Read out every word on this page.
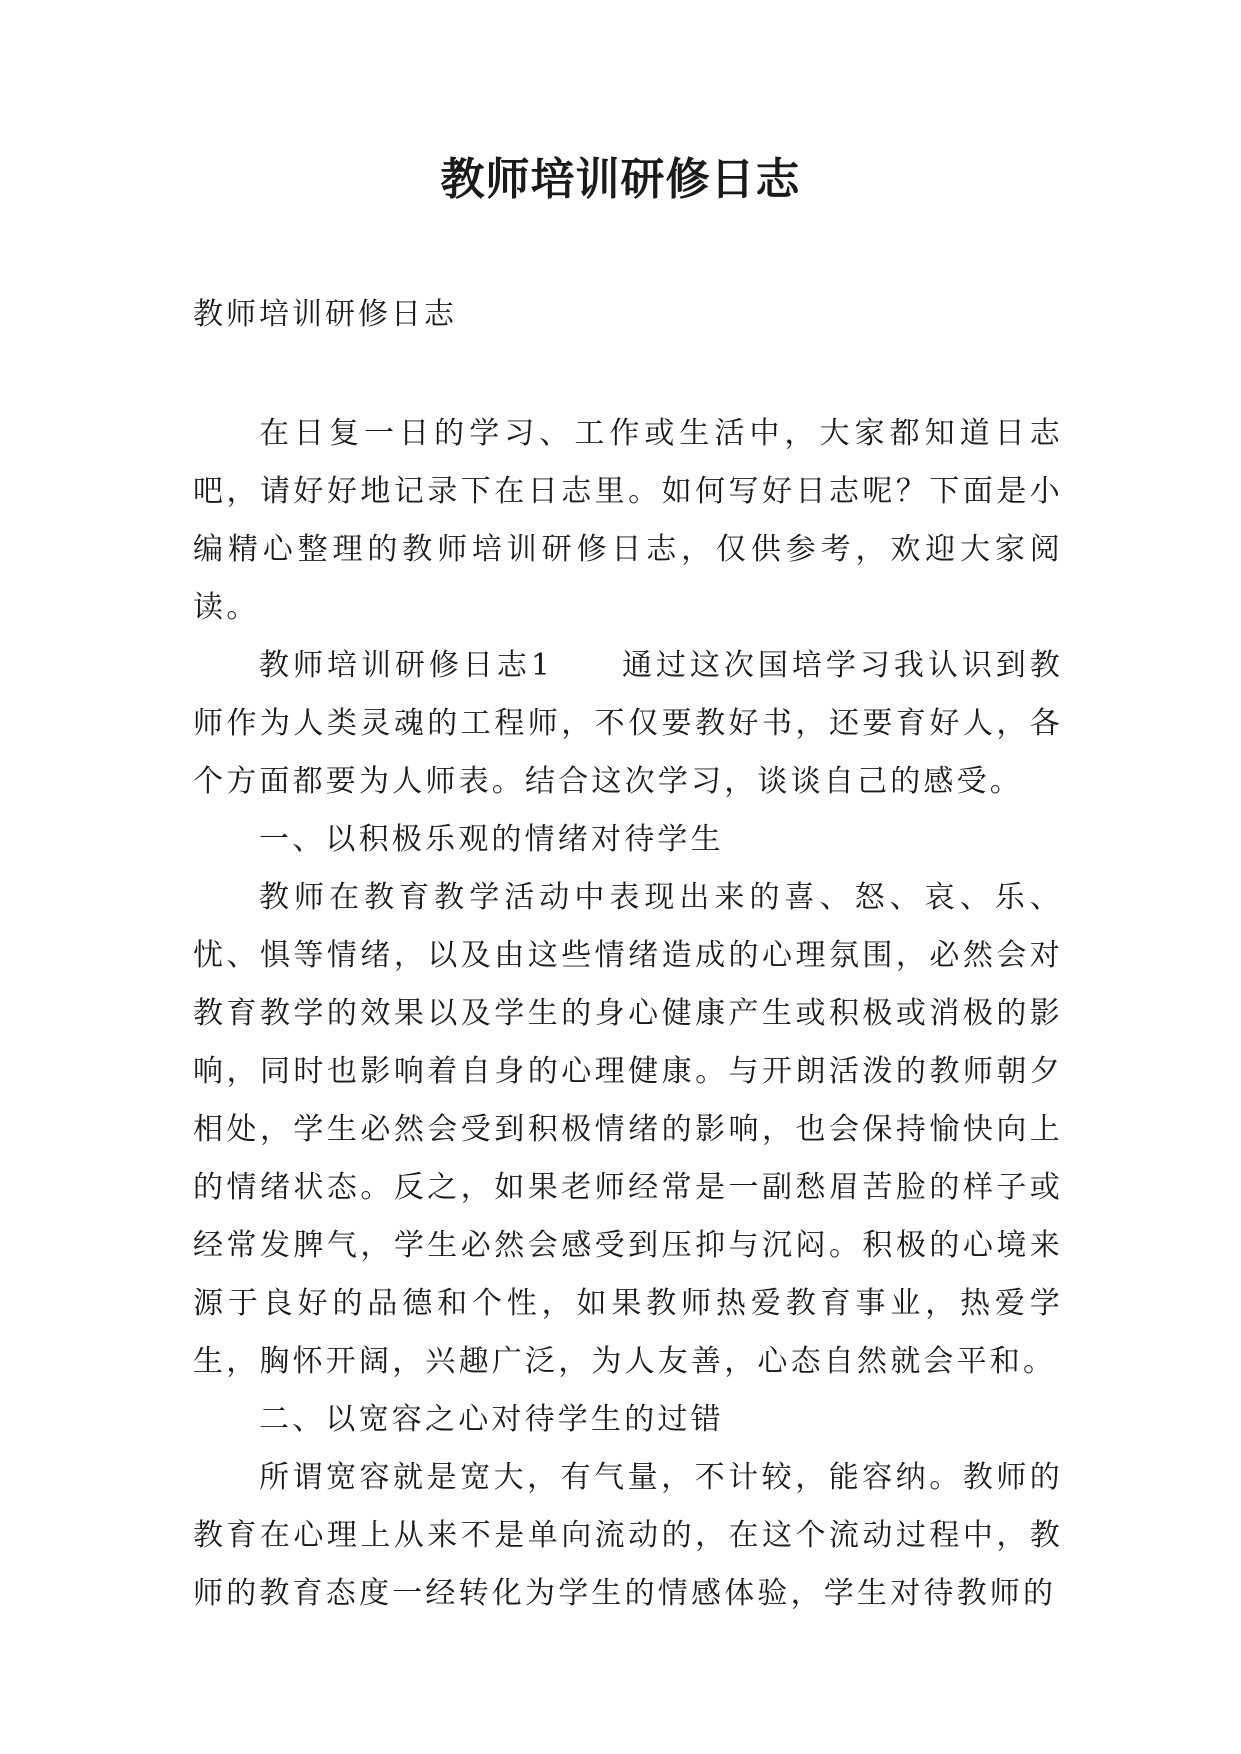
教师培训研修日志

教师培训研修日志

在日复一日的学习、工作或生活中，大家都知道日志吧，请好好地记录下在日志里。如何写好日志呢？下面是小编精心整理的教师培训研修日志，仅供参考，欢迎大家阅读。

教师培训研修日志1　　通过这次国培学习我认识到教师作为人类灵魂的工程师，不仅要教好书，还要育好人，各个方面都要为人师表。结合这次学习，谈谈自己的感受。

一、以积极乐观的情绪对待学生

教师在教育教学活动中表现出来的喜、怒、哀、乐、忧、惧等情绪，以及由这些情绪造成的心理氛围，必然会对教育教学的效果以及学生的身心健康产生或积极或消极的影响，同时也影响着自身的心理健康。与开朗活泼的教师朝夕相处，学生必然会受到积极情绪的影响，也会保持愉快向上的情绪状态。反之，如果老师经常是一副愁眉苦脸的样子或经常发脾气，学生必然会感受到压抑与沉闷。积极的心境来源于良好的品德和个性，如果教师热爱教育事业，热爱学生，胸怀开阔，兴趣广泛，为人友善，心态自然就会平和。

二、以宽容之心对待学生的过错

所谓宽容就是宽大，有气量，不计较，能容纳。教师的教育在心理上从来不是单向流动的，在这个流动过程中，教师的教育态度一经转化为学生的情感体验，学生对待教师的
